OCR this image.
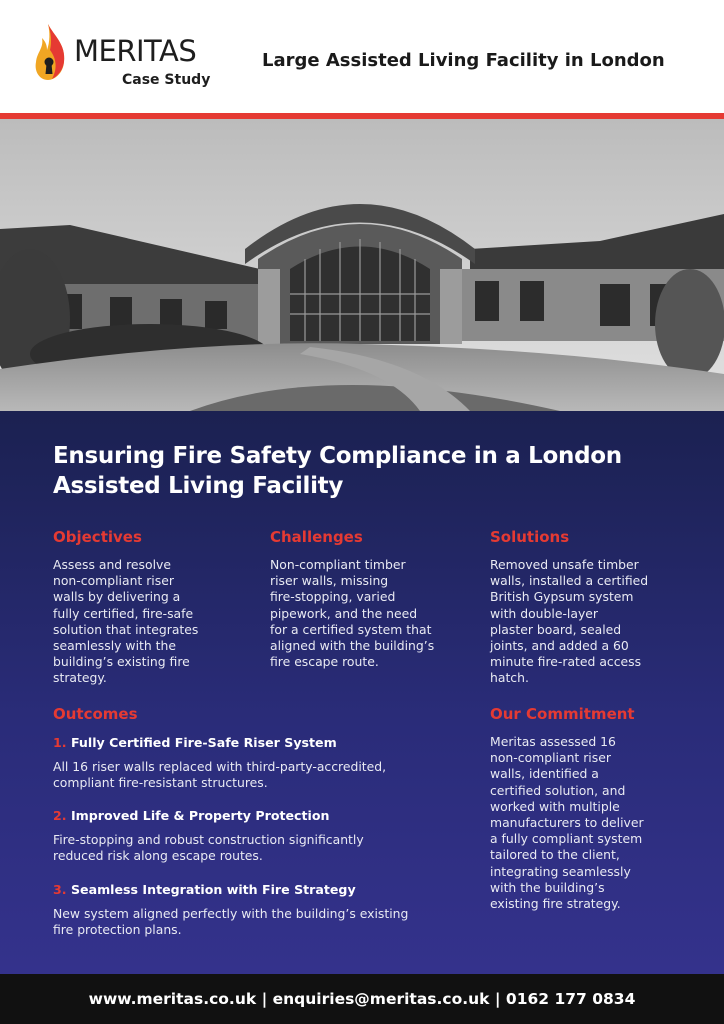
MERITAS
Case Study
Large Assisted Living Facility in London
Ensuring Fire Safety Compliance in a London
Assisted Living Facility
Objectives
Assess and resolve
non-compliant riser
walls by delivering a
fully certified, fire-safe
solution that integrates
seamlessly with the
building’s existing fire
strategy.
Challenges
Non-compliant timber
riser walls, missing
fire-stopping, varied
pipework, and the need
for a certified system that
aligned with the building’s
fire escape route.
Solutions
Removed unsafe timber
walls, installed a certified
British Gypsum system
with double-layer
plaster board, sealed
joints, and added a 60
minute fire-rated access
hatch.
Outcomes
1. Fully Certified Fire-Safe Riser System
All 16 riser walls replaced with third-party-accredited,
compliant fire-resistant structures.
2. Improved Life & Property Protection
Fire-stopping and robust construction significantly
reduced risk along escape routes.
3. Seamless Integration with Fire Strategy
New system aligned perfectly with the building’s existing
fire protection plans.
Our Commitment
Meritas assessed 16
non-compliant riser
walls, identified a
certified solution, and
worked with multiple
manufacturers to deliver
a fully compliant system
tailored to the client,
integrating seamlessly
with the building’s
existing fire strategy.
www.meritas.co.uk | enquiries@meritas.co.uk | 0162 177 0834
